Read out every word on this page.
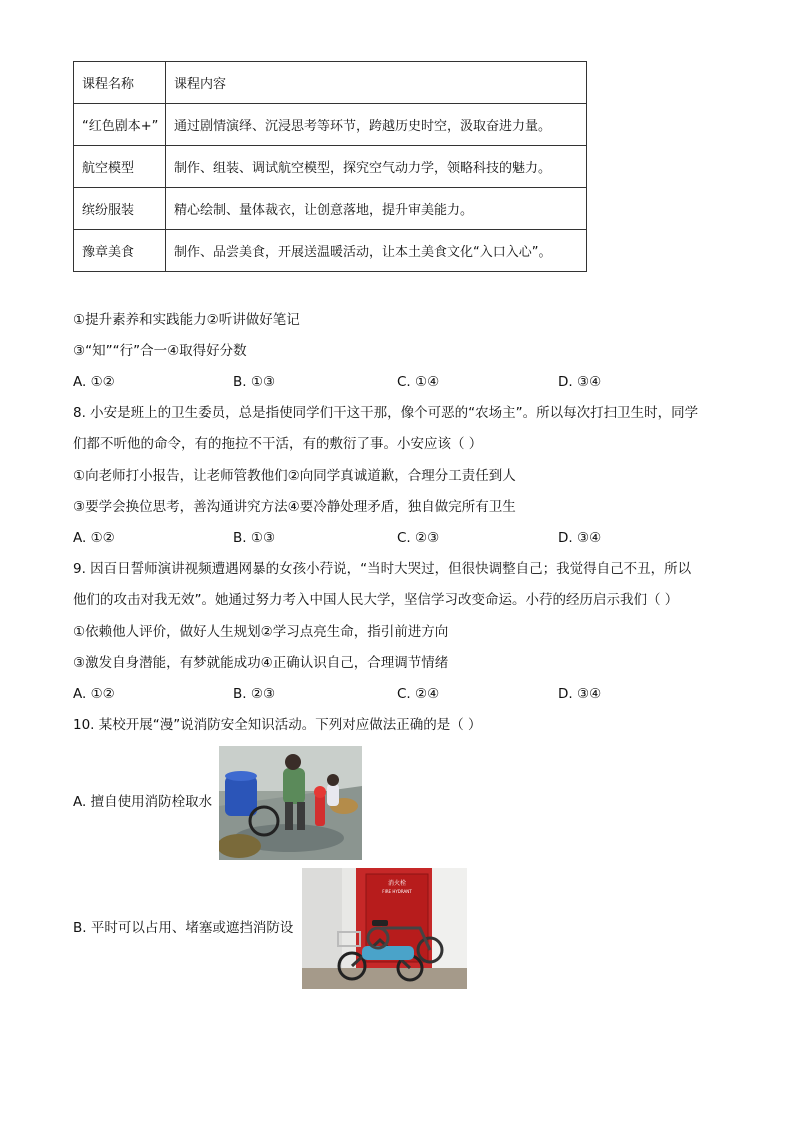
课程名称	课程内容
“红色剧本+”	通过剧情演绎、沉浸思考等环节，跨越历史时空，汲取奋进力量。
航空模型	制作、组装、调试航空模型，探究空气动力学，领略科技的魅力。
缤纷服装	精心绘制、量体裁衣，让创意落地，提升审美能力。
豫章美食	制作、品尝美食，开展送温暖活动，让本土美食文化“入口入心”。
①提升素养和实践能力②听讲做好笔记
③“知”“行”合一④取得好分数
A. ①②	B. ①③	C. ①④	D. ③④
8. 小安是班上的卫生委员，总是指使同学们干这干那，像个可恶的“农场主”。所以每次打扫卫生时，同学
们都不听他的命令，有的拖拉不干活，有的敷衍了事。小安应该（ ）
①向老师打小报告，让老师管教他们②向同学真诚道歉，合理分工责任到人
③要学会换位思考，善沟通讲究方法④要冷静处理矛盾，独自做完所有卫生
A. ①②	B. ①③	C. ②③	D. ③④
9. 因百日誓师演讲视频遭遇网暴的女孩小荇说，“当时大哭过，但很快调整自己；我觉得自己不丑，所以
他们的攻击对我无效”。她通过努力考入中国人民大学，坚信学习改变命运。小荇的经历启示我们（ ）
①依赖他人评价，做好人生规划②学习点亮生命，指引前进方向
③激发自身潜能，有梦就能成功④正确认识自己，合理调节情绪
A. ①②	B. ②③	C. ②④	D. ③④
10. 某校开展“漫”说消防安全知识活动。下列对应做法正确的是（ ）
A. 擅自使用消防栓取水
B. 平时可以占用、堵塞或遮挡消防设
消火栓
FIRE HYDRANT
